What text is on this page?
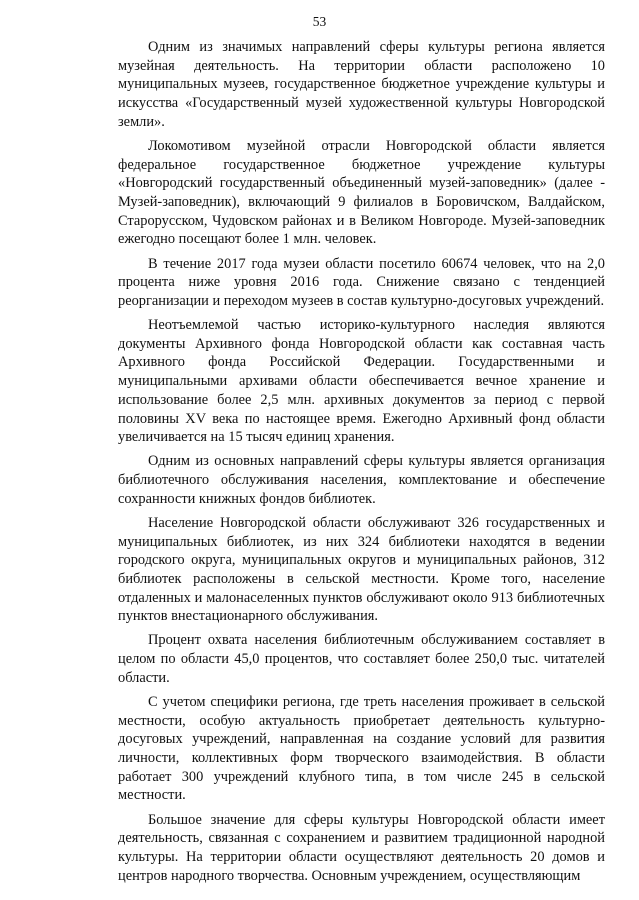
53

Одним из значимых направлений сферы культуры региона является музейная деятельность. На территории области расположено 10 муниципальных музеев, государственное бюджетное учреждение культуры и искусства «Государственный музей художественной культуры Новгородской земли».

Локомотивом музейной отрасли Новгородской области является федеральное государственное бюджетное учреждение культуры «Новгородский государственный объединенный музей-заповедник» (далее - Музей-заповедник), включающий 9 филиалов в Боровичском, Валдайском, Старорусском, Чудовском районах и в Великом Новгороде. Музей-заповедник ежегодно посещают более 1 млн. человек.

В течение 2017 года музеи области посетило 60674 человек, что на 2,0 процента ниже уровня 2016 года. Снижение связано с тенденцией реорганизации и переходом музеев в состав культурно-досуговых учреждений.

Неотъемлемой частью историко-культурного наследия являются документы Архивного фонда Новгородской области как составная часть Архивного фонда Российской Федерации. Государственными и муниципальными архивами области обеспечивается вечное хранение и использование более 2,5 млн. архивных документов за период с первой половины XV века по настоящее время. Ежегодно Архивный фонд области увеличивается на 15 тысяч единиц хранения.

Одним из основных направлений сферы культуры является организация библиотечного обслуживания населения, комплектование и обеспечение сохранности книжных фондов библиотек.

Население Новгородской области обслуживают 326 государственных и муниципальных библиотек, из них 324 библиотеки находятся в ведении городского округа, муниципальных округов и муниципальных районов, 312 библиотек расположены в сельской местности. Кроме того, население отдаленных и малонаселенных пунктов обслуживают около 913 библиотечных пунктов внестационарного обслуживания.

Процент охвата населения библиотечным обслуживанием составляет в целом по области 45,0 процентов, что составляет более 250,0 тыс. читателей области.

С учетом специфики региона, где треть населения проживает в сельской местности, особую актуальность приобретает деятельность культурно-досуговых учреждений, направленная на создание условий для развития личности, коллективных форм творческого взаимодействия. В области работает 300 учреждений клубного типа, в том числе 245 в сельской местности.

Большое значение для сферы культуры Новгородской области имеет деятельность, связанная с сохранением и развитием традиционной народной культуры. На территории области осуществляют деятельность 20 домов и центров народного творчества. Основным учреждением, осуществляющим
